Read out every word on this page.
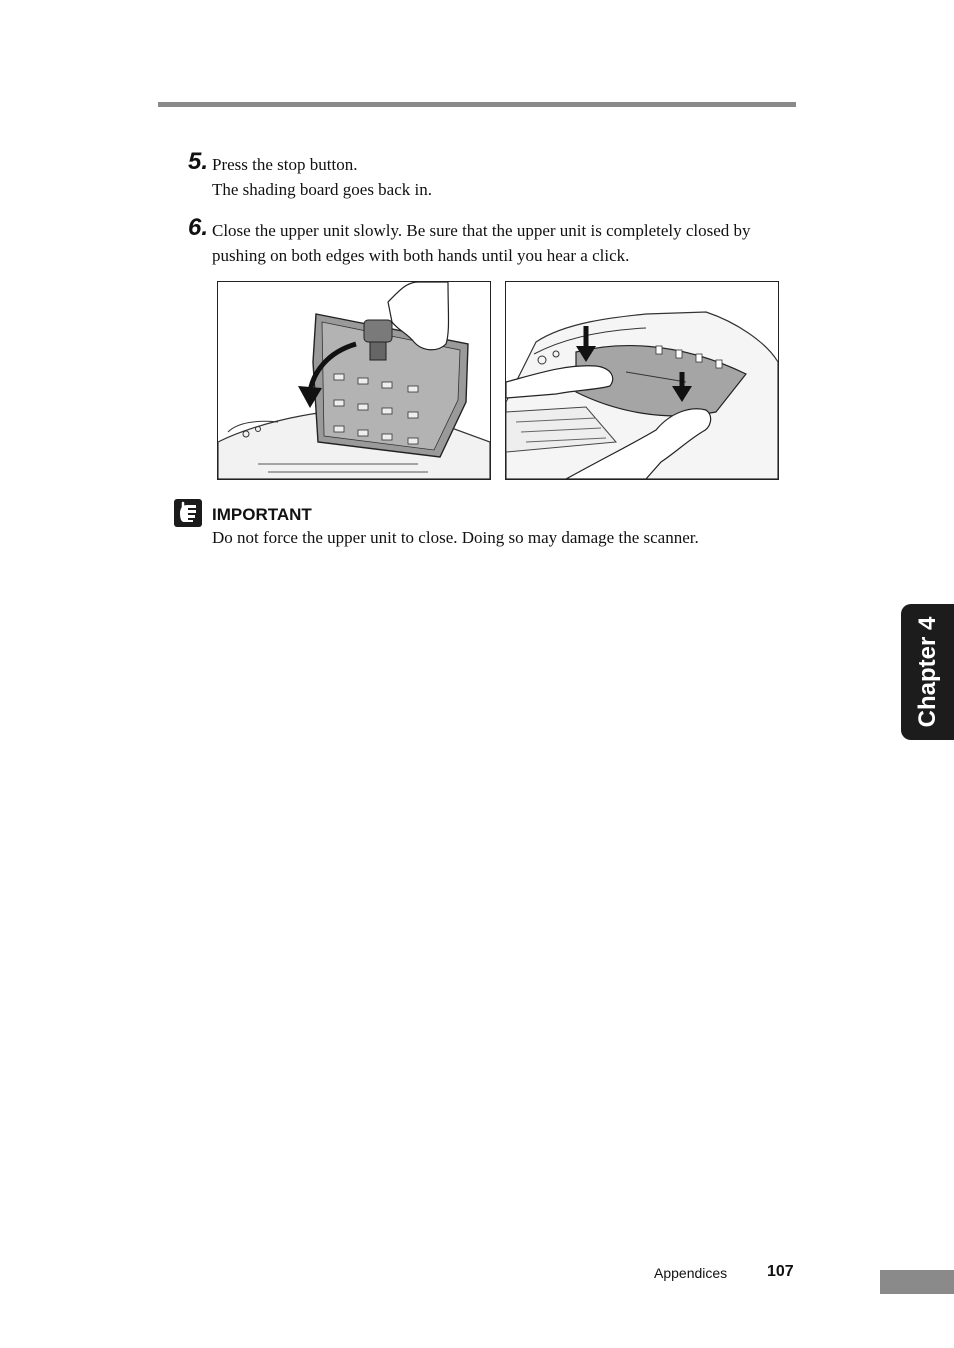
5. Press the stop button.

The shading board goes back in.

6. Close the upper unit slowly. Be sure that the upper unit is completely closed by

pushing on both edges with both hands until you hear a click.

IMPORTANT
Do not force the upper unit to close. Doing so may damage the scanner.
Chapter 4
Appendices 107
